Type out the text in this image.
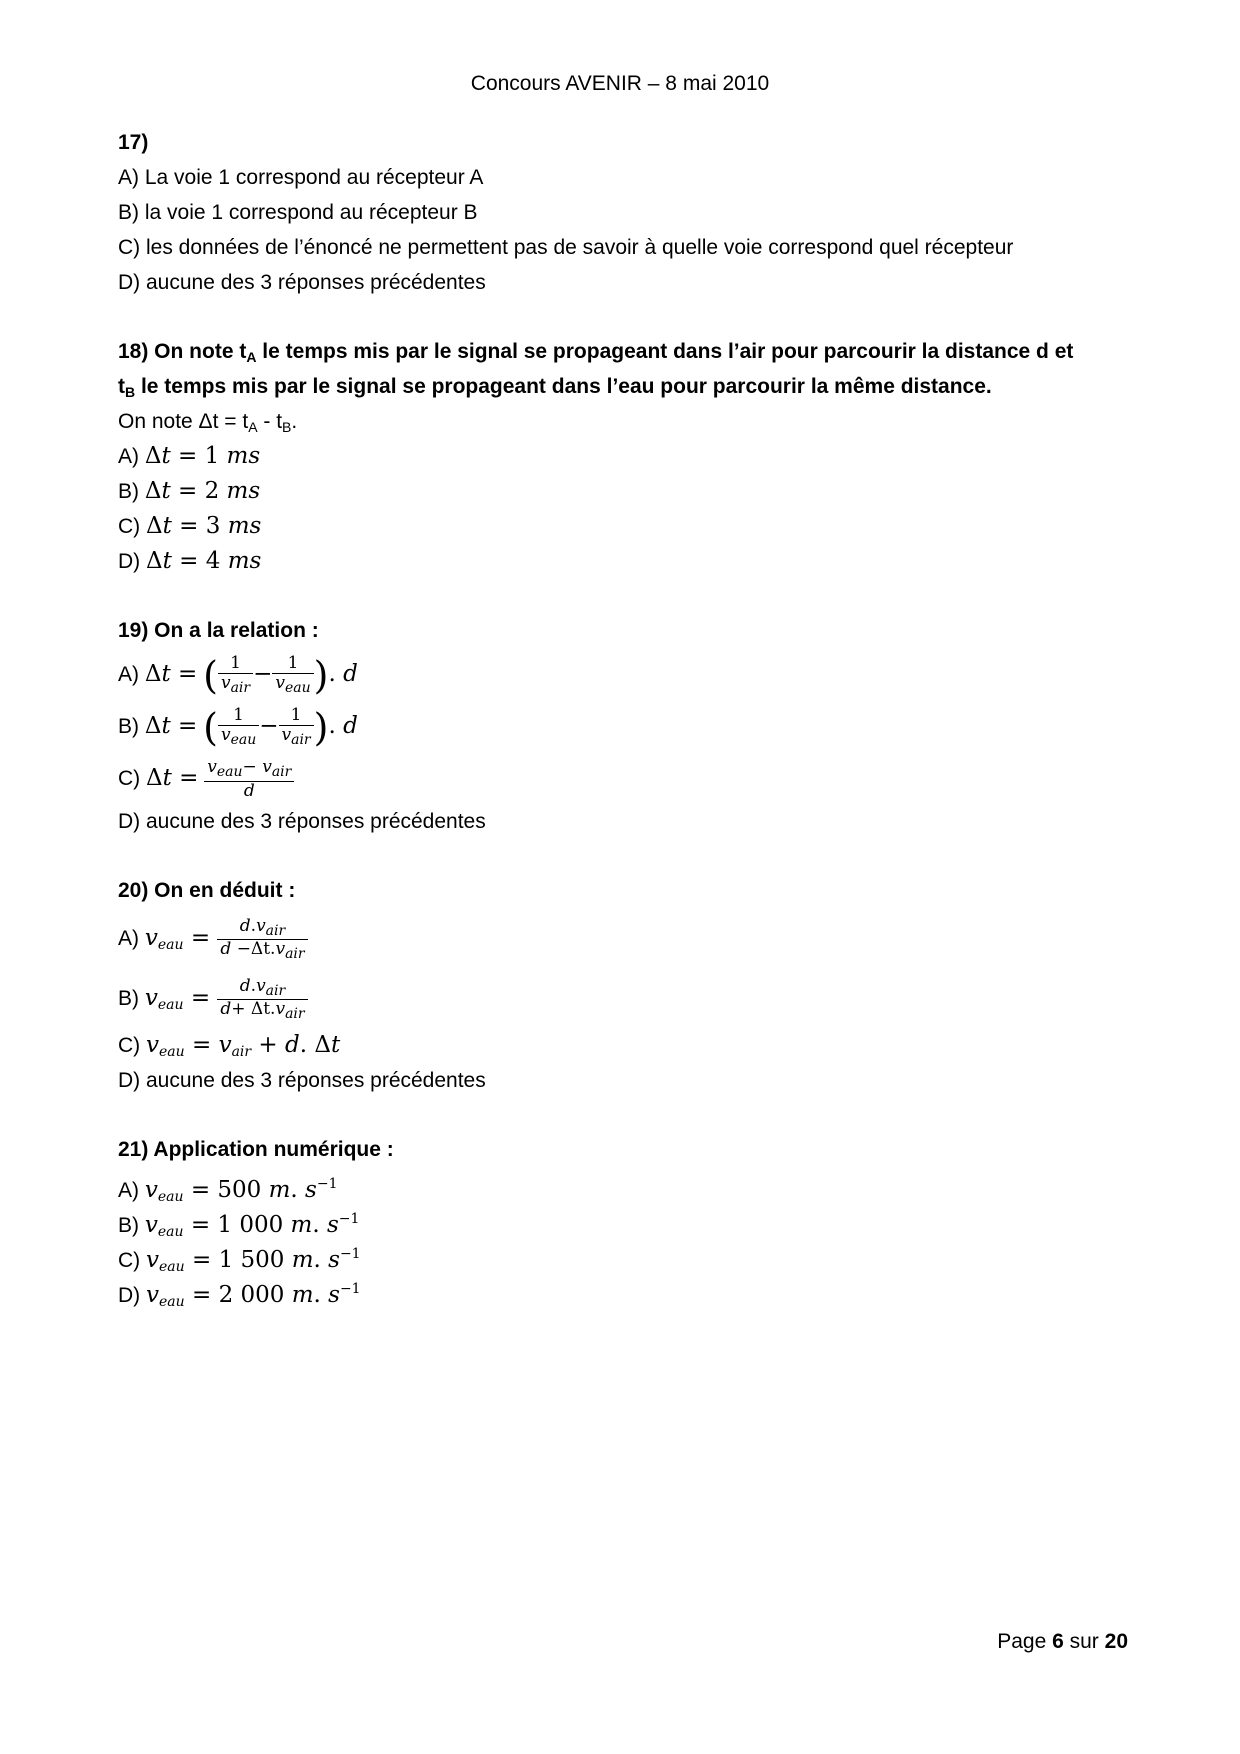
Concours AVENIR – 8 mai 2010
17)
A) La voie 1 correspond au récepteur A
B) la voie 1 correspond au récepteur B
C) les données de l’énoncé ne permettent pas de savoir à quelle voie correspond quel récepteur
D) aucune des 3 réponses précédentes
18) On note $t_A$ le temps mis par le signal se propageant dans l’air pour parcourir la distance d et
$t_B$ le temps mis par le signal se propageant dans l’eau pour parcourir la même distance.
On note $\Delta t = t_A - t_B$.
A) Δ𝑡 = 1 𝑚𝑠
B) Δ𝑡 = 2 𝑚𝑠
C) Δ𝑡 = 3 𝑚𝑠
D) Δ𝑡 = 4 𝑚𝑠
19) On a la relation :
A) Δ𝑡 = ( $\frac{1}{𝑣_{𝑎𝑖𝑟}} - \frac{1}{𝑣_{𝑒𝑎𝑢}}$ ). 𝑑
B) Δ𝑡 = ( $\frac{1}{𝑣_{𝑒𝑎𝑢}} - \frac{1}{𝑣_{𝑎𝑖𝑟}}$ ). 𝑑
C) Δ𝑡 = $\frac{𝑣_{𝑒𝑎𝑢}- 𝑣_{𝑎𝑖𝑟}}{\text{𝑑}}$
D) aucune des 3 réponses précédentes
20) On en déduit :
A) 𝑣$_{𝑒𝑎𝑢}$ = $\frac{𝑑.𝑣_{𝑎𝑖𝑟}}{𝑑 -\Delta t.𝑣_{𝑎𝑖𝑟}}$
B) 𝑣$_{𝑒𝑎𝑢}$ = $\frac{𝑑.𝑣_{𝑎𝑖𝑟}}{𝑑+ \Delta t.𝑣_{𝑎𝑖𝑟}}$
C) 𝑣$_{𝑒𝑎𝑢}$ = 𝑣$_{𝑎𝑖𝑟}$ + 𝑑. Δ𝑡
D) aucune des 3 réponses précédentes
21) Application numérique :
A) 𝑣$_{𝑒𝑎𝑢}$ = 500 𝑚. 𝑠$^{-1}$
B) 𝑣$_{𝑒𝑎𝑢}$ = 1 000 𝑚. 𝑠$^{-1}$
C) 𝑣$_{𝑒𝑎𝑢}$ = 1 500 𝑚. 𝑠$^{-1}$
D) 𝑣$_{𝑒𝑎𝑢}$ = 2 000 𝑚. 𝑠$^{-1}$
Page 6 sur 20
